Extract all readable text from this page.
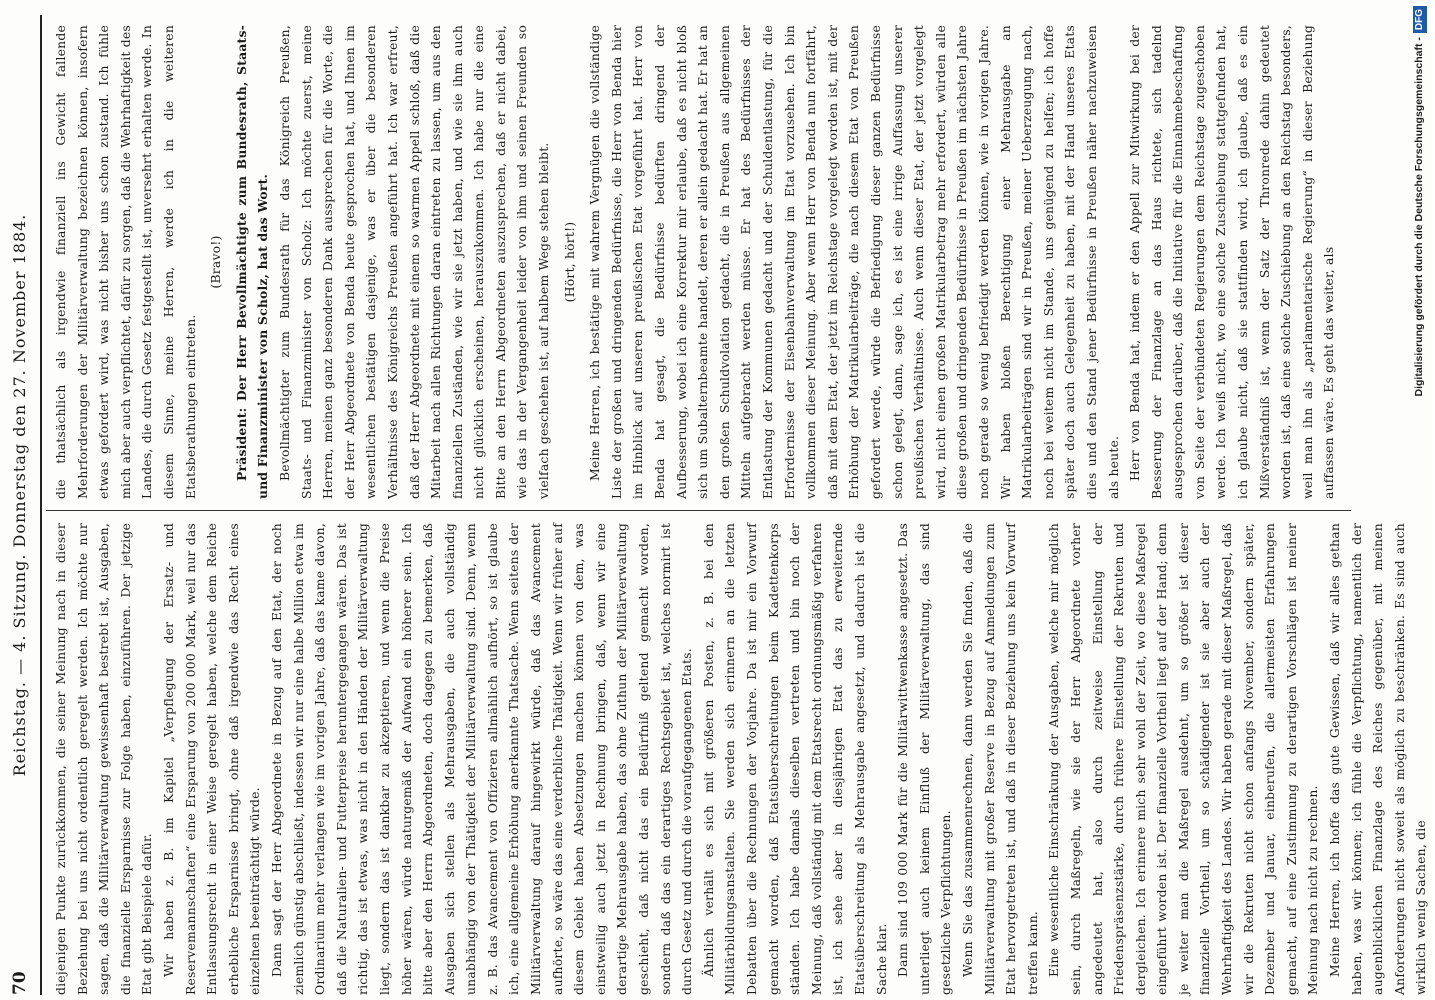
70
Reichstag. — 4. Sitzung. Donnerstag den 27. November 1884. diejenigen Punkte zurückkommen, die seiner Meinung nach in dieser Beziehung bei uns nicht ordentlich geregelt werden. Ich möchte nur sagen, daß die Militärverwaltung gewissenhaft bestrebt ist, Ausgaben, die finanzielle Ersparnisse zur Folge haben, einzuführen. Der jetzige Etat gibt Beispiele dafür. Wir haben z. B. im Kapitel „Verpflegung der Ersatz- und Reservemannschaften“ eine Ersparung von 200 000 Mark, weil nur das Entlassungsrecht in einer Weise geregelt haben, welche dem Reiche erhebliche Ersparnisse bringt, ohne daß irgendwie das Recht eines einzelnen beeinträchtigt würde. Dann sagt der Herr Abgeordnete in Bezug auf den Etat, der noch ziemlich günstig abschließt, indessen wir nur eine halbe Million etwa im Ordinarium mehr verlangen wie im vorigen Jahre, daß das kame davon, daß die Naturalien- und Futterpreise heruntergegangen wären. Das ist richtig, das ist etwas, was nicht in den Händen der Militärverwaltung liegt, sondern das ist dankbar zu akzeptieren, und wenn die Preise höher wären, würde naturgemäß der Aufwand ein höherer sein. Ich bitte aber den Herrn Abgeordneten, doch dagegen zu bemerken, daß Ausgaben sich stellen als Mehrausgaben, die auch vollständig unabhängig von der Thätigkeit der Militärverwaltung sind. Denn, wenn z. B. das Avancement von Offizieren allmählich aufhört, so ist glaube ich, eine allgemeine Erhöhung anerkannte Thatsache. Wenn seitens der Militärverwaltung darauf hingewirkt würde, daß das Avancement aufhörte, so wäre das eine verderbliche Thätigkeit. Wenn wir früher auf diesem Gebiet haben Absetzungen machen können von dem, was einstweilig auch jetzt in Rechnung bringen, daß, wenn wir eine derartige Mehrausgabe haben, das ohne Zuthun der Militärverwaltung geschieht, daß nicht das ein Bedürfniß geltend gemacht worden, sondern daß das ein derartiges Rechtsgebiet ist, welches normirt ist durch Gesetz und durch die voraufgegangenen Etats. Ähnlich verhält es sich mit größeren Posten, z. B. bei den Militärbildungsanstalten. Sie werden sich erinnern an die letzten Debatten über die Rechnungen der Vorjahre. Da ist mir ein Vorwurf gemacht worden, daß Etatsüberschreitungen beim Kadettenkorps ständen. Ich habe damals dieselben vertreten und bin noch der Meinung, daß vollständig mit dem Etatsrecht ordnungsmäßig verfahren ist, ich sehe aber in diesjährigen Etat das zu erweiternde Etatsüberschreitung als Mehrausgabe angesetzt, und dadurch ist die Sache klar. Dann sind 109 000 Mark für die Militärwittwenkasse angesetzt. Das unterliegt auch keinem Einfluß der Militärverwaltung, das sind gesetzliche Verpflichtungen. Wenn Sie das zusammenrechnen, dann werden Sie finden, daß die Militärverwaltung mit großer Reserve in Bezug auf Anmeldungen zum Etat hervorgetreten ist, und daß in dieser Beziehung uns kein Vorwurf treffen kann. Eine wesentliche Einschränkung der Ausgaben, welche mir möglich sein, durch Maßregeln, wie sie der Herr Abgeordnete vorher angedeutet hat, also durch zeitweise Einstellung der Friedenspräsenzstärke, durch frühere Einstellung der Rekruten und dergleichen. Ich erinnere mich sehr wohl der Zeit, wo diese Maßregel eingeführt worden ist. Der finanzielle Vortheil liegt auf der Hand; denn je weiter man die Maßregel ausdehnt, um so größer ist dieser finanzielle Vortheil, um so schädigender ist sie aber auch der Wehrhaftigkeit des Landes. Wir haben gerade mit dieser Maßregel, daß wir die Rekruten nicht schon anfangs November, sondern später, Dezember und Januar, einberufen, die allermeisten Erfahrungen gemacht, auf eine Zustimmung zu derartigen Vorschlägen ist meiner Meinung nach nicht zu rechnen. Meine Herren, ich hoffe das gute Gewissen, daß wir alles gethan haben, was wir können; ich fühle die Verpflichtung, namentlich der augenblicklichen Finanzlage des Reiches gegenüber, mit meinen Anforderungen nicht soweit als möglich zu beschränken. Es sind auch wirklich wenig Sachen, die

die thatsächlich als irgendwie finanziell ins Gewicht fallende Mehrforderungen der Militärverwaltung bezeichnen können, insofern etwas gefordert wird, was nicht bisher uns schon zustand. Ich fühle mich aber auch verpflichtet, dafür zu sorgen, daß die Wehrhaftigkeit des Landes, die durch Gesetz festgestellt ist, unversehrt erhalten werde. In diesem Sinne, meine Herren, werde ich in die weiteren Etatsberathungen eintreten.

(Bravo!) Präsident: Der Herr Bevollmächtigte zum Bundesrath, Staats- und Finanzminister von Scholz, hat das Wort. Bevollmächtigter zum Bundesrath für das Königreich Preußen, Staats- und Finanzminister von Scholz: Ich möchte zuerst, meine Herren, meinen ganz besonderen Dank aussprechen für die Worte, die der Herr Abgeordnete von Benda heute gesprochen hat, und Ihnen im wesentlichen bestätigen dasjenige, was er über die besonderen Verhältnisse des Königreichs Preußen angeführt hat. Ich war erfreut, daß der Herr Abgeordnete mit einem so warmen Appell schloß, daß die Mitarbeit nach allen Richtungen daran eintreten zu lassen, um aus den finanziellen Zuständen, wie wir sie jetzt haben, und wie sie ihm auch nicht glücklich erscheinen, herauszukommen. Ich habe nur die eine Bitte an den Herrn Abgeordneten auszusprechen, daß er nicht dabei, wie das in der Vergangenheit leider von ihm und seinen Freunden so vielfach geschehen ist, auf halbem Wege stehen bleibt. (Hört, hört!) Meine Herren, ich bestätige mit wahrem Vergnügen die vollständige Liste der großen und dringenden Bedürfnisse, die Herr von Benda hier im Hinblick auf unseren preußischen Etat vorgeführt hat. Herr von Benda hat gesagt, die Bedürfnisse bedürften dringend der Aufbesserung, wobei ich eine Korrektur mir erlaube, daß es nicht bloß sich um Subalternbeamte handelt, deren er allein gedacht hat. Er hat an den großen Schuldvolation gedacht, die in Preußen aus allgemeinen Mitteln aufgebracht werden müsse. Er hat des Bedürfnisses der Entlastung der Kommunen gedacht und der Schuldentlastung, für die Erfordernisse der Eisenbahnverwaltung im Etat vorzusehen. Ich bin vollkommen dieser Meinung. Aber wenn Herr von Benda nun fortfährt, daß mit dem Etat, der jetzt im Reichstage vorgelegt worden ist, mit der Erhöhung der Matrikularbeiträge, die nach diesem Etat von Preußen gefordert werde, würde die Befriedigung dieser ganzen Bedürfnisse schon gelegt, dann, sage ich, es ist eine irrige Auffassung unserer preußischen Verhältnisse. Auch wenn dieser Etat, der jetzt vorgelegt wird, nicht einen großen Matrikularbetrag mehr erfordert, würden alle diese großen und dringenden Bedürfnisse in Preußen im nächsten Jahre noch gerade so wenig befriedigt werden können, wie in vorigen Jahre. Wir haben bloßen Berechtigung einer Mehrausgabe an Matrikularbeiträgen sind wir in Preußen, meiner Ueberzeugung nach, noch bei weitem nicht im Stande, uns genügend zu helfen; ich hoffe später doch auch Gelegenheit zu haben, mit der Hand unseres Etats dies und den Stand jener Bedürfnisse in Preußen näher nachzuweisen als heute. Herr von Benda hat, indem er den Appell zur Mitwirkung bei der Besserung der Finanzlage an das Haus richtete, sich tadelnd ausgesprochen darüber, daß die Initiative für die Einnahmebeschaffung von Seite der verbündeten Regierungen dem Reichstage zugeschoben werde. Ich weiß nicht, wo eine solche Zuschiebung stattgefunden hat, ich glaube nicht, daß sie stattfinden wird, ich glaube, daß es ein Mißverständniß ist, wenn der Satz der Thronrede dahin gedeutet worden ist, daß eine solche Zuschiebung an den Reichstag besonders, weil man ihn als „parlamentarische Regierung“ in dieser Beziehung auffassen wäre. Es geht das weiter, als	Digitalisierung gefördert durch die Deutsche Forschungsgemeinschaft -DFG
